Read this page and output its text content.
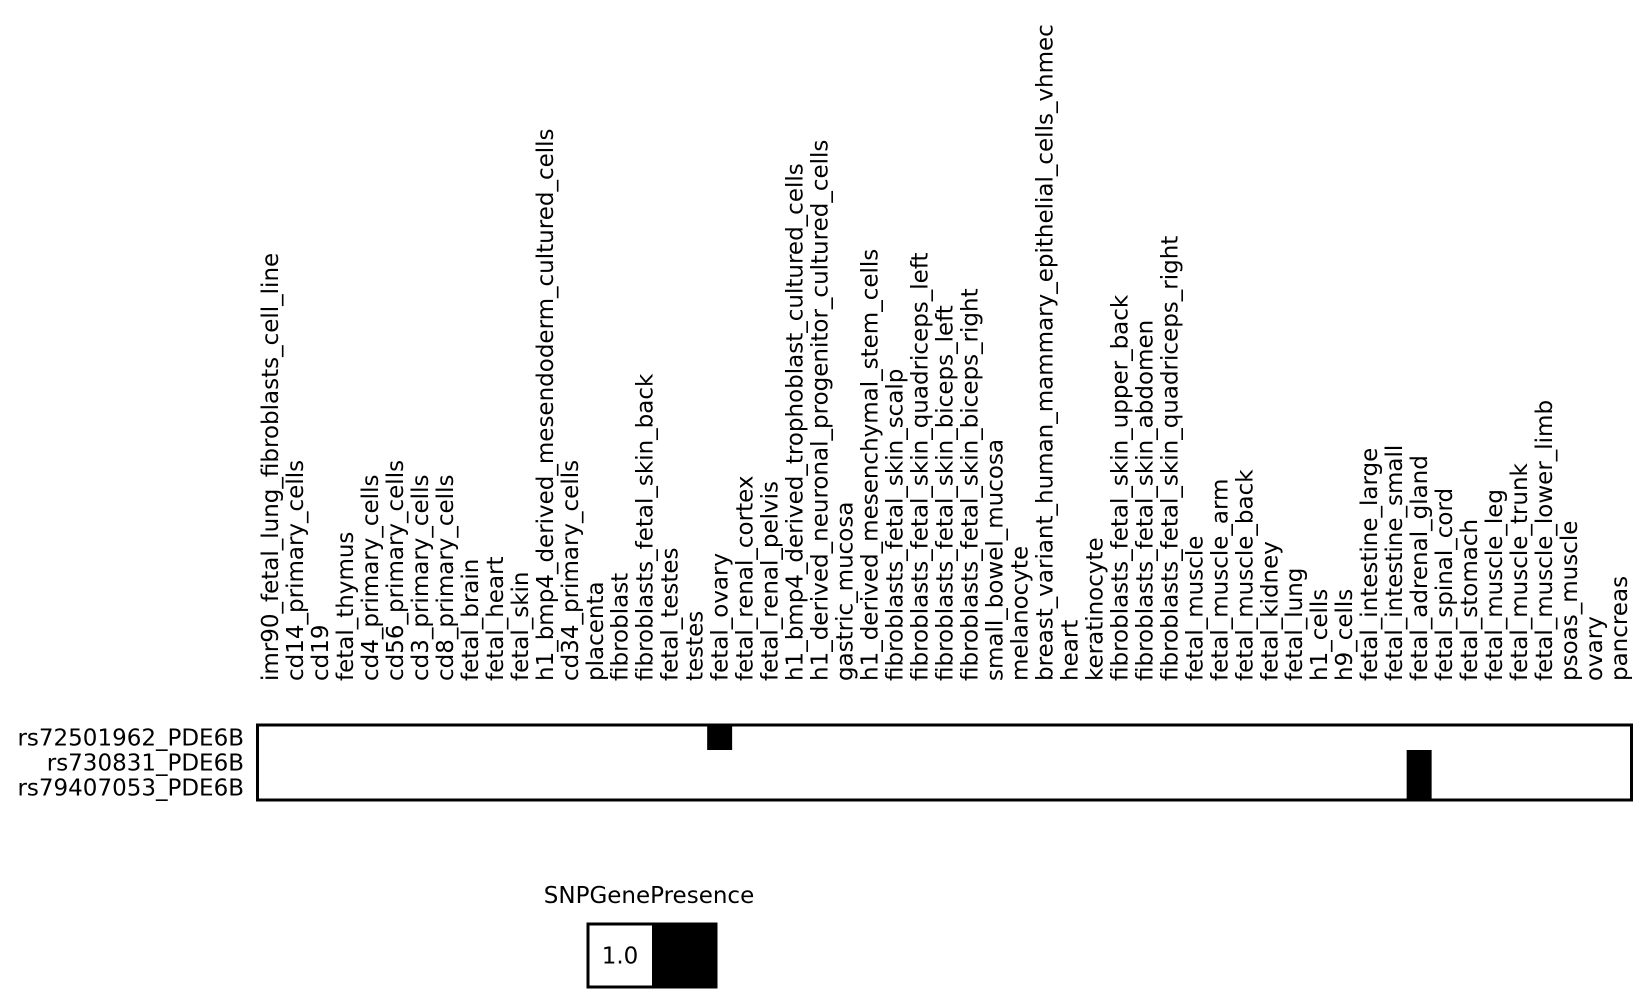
imr90_fetal_lung_fibroblasts_cell_line
cd14_primary_cells
cd19
fetal_thymus
cd4_primary_cells
cd56_primary_cells
cd3_primary_cells
cd8_primary_cells
fetal_brain
fetal_heart
fetal_skin
h1_bmp4_derived_mesendoderm_cultured_cells
cd34_primary_cells
placenta
fibroblast
fibroblasts_fetal_skin_back
fetal_testes
testes
fetal_ovary
fetal_renal_cortex
fetal_renal_pelvis
h1_bmp4_derived_trophoblast_cultured_cells
h1_derived_neuronal_progenitor_cultured_cells
gastric_mucosa
h1_derived_mesenchymal_stem_cells
fibroblasts_fetal_skin_scalp
fibroblasts_fetal_skin_quadriceps_left
fibroblasts_fetal_skin_biceps_left
fibroblasts_fetal_skin_biceps_right
small_bowel_mucosa
melanocyte
breast_variant_human_mammary_epithelial_cells_vhmec
heart
keratinocyte
fibroblasts_fetal_skin_upper_back
fibroblasts_fetal_skin_abdomen
fibroblasts_fetal_skin_quadriceps_right
fetal_muscle
fetal_muscle_arm
fetal_muscle_back
fetal_kidney
fetal_lung
h1_cells
h9_cells
fetal_intestine_large
fetal_intestine_small
fetal_adrenal_gland
fetal_spinal_cord
fetal_stomach
fetal_muscle_leg
fetal_muscle_trunk
fetal_muscle_lower_limb
psoas_muscle
ovary
pancreas
rs72501962_PDE6B
rs730831_PDE6B
rs79407053_PDE6B
SNPGenePresence
1.0 2.0
